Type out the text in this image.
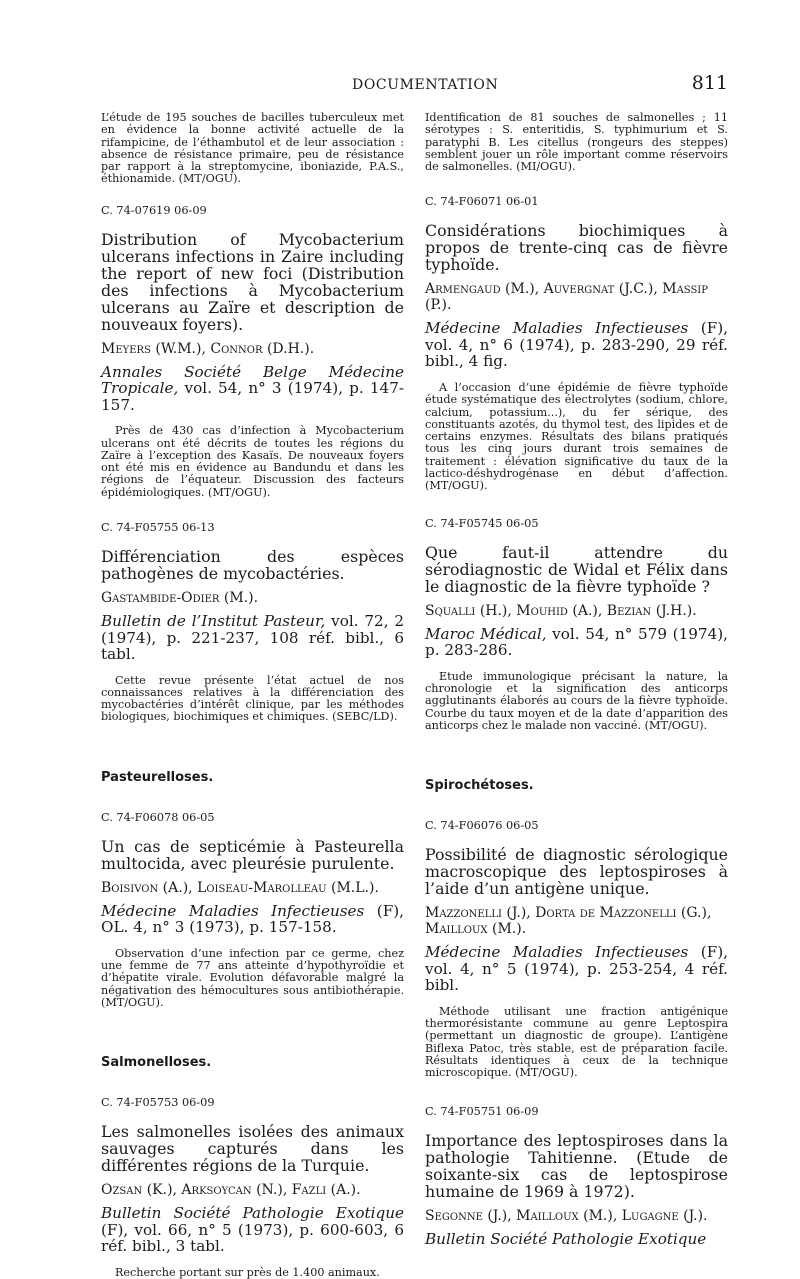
DOCUMENTATION	811

L’étude de 195 souches de bacilles tuberculeux met en évidence la bonne activité actuelle de la rifampicine, de l’éthambutol et de leur association : absence de résistance primaire, peu de résistance par rapport à la streptomycine, iboniazide, P.A.S., éthionamide. (MT/OGU).

C. 74-07619 06-09
Distribution of Mycobacterium ulcerans infections in Zaire including the report of new foci (Distribution des infections à Mycobacterium ulcerans au Zaïre et description de nouveaux foyers).
Meyers (W.M.), Connor (D.H.).
Annales Société Belge Médecine Tropicale, vol. 54, n° 3 (1974), p. 147-157.
Près de 430 cas d’infection à Mycobacterium ulcerans ont été décrits de toutes les régions du Zaïre à l’exception des Kasaïs. De nouveaux foyers ont été mis en évidence au Bandundu et dans les régions de l’équateur. Discussion des facteurs épidémiologiques. (MT/OGU).
C. 74-F05755 06-13
Différenciation des espèces pathogènes de mycobactéries.
Gastambide-Odier (M.).
Bulletin de l’Institut Pasteur, vol. 72, 2 (1974), p. 221-237, 108 réf. bibl., 6 tabl.
Cette revue présente l’état actuel de nos connaissances relatives à la différenciation des mycobactéries d’intérêt clinique, par les méthodes biologiques, biochimiques et chimiques. (SEBC/LD).
Pasteurelloses.
C. 74-F06078 06-05
Un cas de septicémie à Pasteurella multocida, avec pleurésie purulente.
Boisivon (A.), Loiseau-Marolleau (M.L.).
Médecine Maladies Infectieuses (F), OL. 4, n° 3 (1973), p. 157-158.
Observation d’une infection par ce germe, chez une femme de 77 ans atteinte d’hypothyroïdie et d’hépatite virale. Evolution défavorable malgré la négativation des hémocultures sous antibiothérapie. (MT/OGU).
Salmonelloses.
C. 74-F05753 06-09
Les salmonelles isolées des animaux sauvages capturés dans les différentes régions de la Turquie.
Ozsan (K.), Arksoycan (N.), Fazli (A.).
Bulletin Société Pathologie Exotique (F), vol. 66, n° 5 (1973), p. 600-603, 6 réf. bibl., 3 tabl.
Recherche portant sur près de 1.400 animaux.

Identification de 81 souches de salmonelles ; 11 sérotypes : S. enteritidis, S. typhimurium et S. paratyphi B. Les citellus (rongeurs des steppes) semblent jouer un rôle important comme réservoirs de salmonelles. (MI/OGU).

C. 74-F06071 06-01
Considérations biochimiques à propos de trente-cinq cas de fièvre typhoïde.
Armengaud (M.), Auvergnat (J.C.), Massip (P.).
Médecine Maladies Infectieuses (F), vol. 4, n° 6 (1974), p. 283-290, 29 réf. bibl., 4 fig.
A l’occasion d’une épidémie de fièvre typhoïde étude systématique des électrolytes (sodium, chlore, calcium, potassium...), du fer sérique, des constituants azotés, du thymol test, des lipides et de certains enzymes. Résultats des bilans pratiqués tous les cinq jours durant trois semaines de traitement : élévation significative du taux de la lactico-déshydrogénase en début d’affection. (MT/OGU).
C. 74-F05745 06-05
Que faut-il attendre du sérodiagnostic de Widal et Félix dans le diagnostic de la fièvre typhoïde ?
Squalli (H.), Mouhid (A.), Bezian (J.H.).
Maroc Médical, vol. 54, n° 579 (1974), p. 283-286.
Etude immunologique précisant la nature, la chronologie et la signification des anticorps agglutinants élaborés au cours de la fièvre typhoïde. Courbe du taux moyen et de la date d’apparition des anticorps chez le malade non vacciné. (MT/OGU).
Spirochétoses.
C. 74-F06076 06-05
Possibilité de diagnostic sérologique macroscopique des leptospiroses à l’aide d’un antigène unique.
Mazzonelli (J.), Dorta de Mazzonelli (G.), Mailloux (M.).
Médecine Maladies Infectieuses (F), vol. 4, n° 5 (1974), p. 253-254, 4 réf. bibl.
Méthode utilisant une fraction antigénique thermorésistante commune au genre Leptospira (permettant un diagnostic de groupe). L’antigène Biflexa Patoc, très stable, est de préparation facile. Résultats identiques à ceux de la technique microscopique. (MT/OGU).
C. 74-F05751 06-09
Importance des leptospiroses dans la pathologie Tahitienne. (Etude de soixante-six cas de leptospirose humaine de 1969 à 1972).
Segonne (J.), Mailloux (M.), Lugagne (J.).
Bulletin Société Pathologie Exotique
